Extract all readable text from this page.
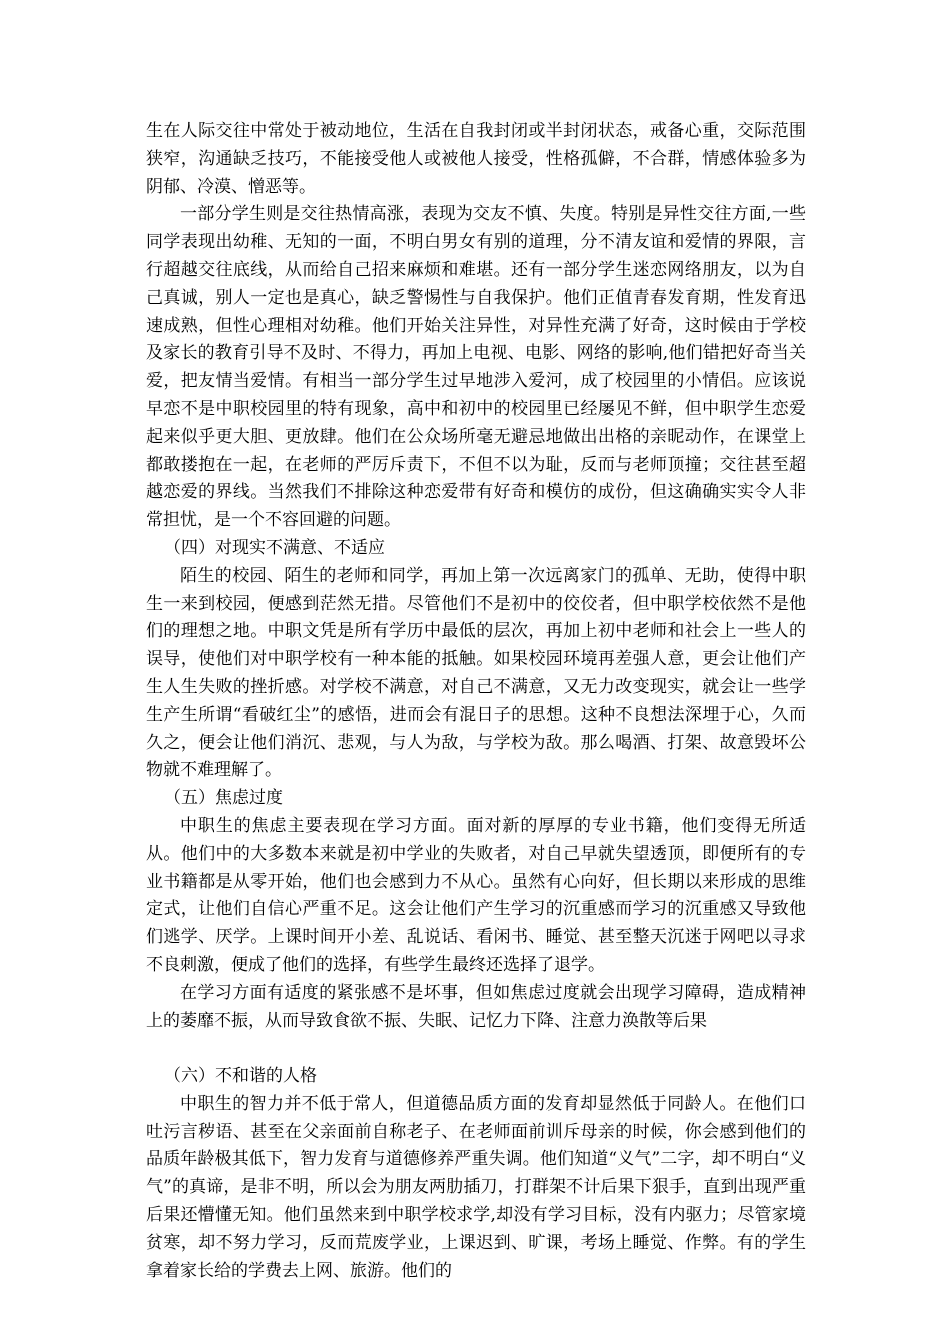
生在人际交往中常处于被动地位，生活在自我封闭或半封闭状态，戒备心重，交际范围狭窄，沟通缺乏技巧，不能接受他人或被他人接受，性格孤僻，不合群，情感体验多为阴郁、冷漠、憎恶等。

一部分学生则是交往热情高涨，表现为交友不慎、失度。特别是异性交往方面,一些同学表现出幼稚、无知的一面，不明白男女有别的道理，分不清友谊和爱情的界限，言行超越交往底线，从而给自己招来麻烦和难堪。还有一部分学生迷恋网络朋友，以为自己真诚，别人一定也是真心，缺乏警惕性与自我保护。他们正值青春发育期，性发育迅速成熟，但性心理相对幼稚。他们开始关注异性，对异性充满了好奇，这时候由于学校及家长的教育引导不及时、不得力，再加上电视、电影、网络的影响,他们错把好奇当关爱，把友情当爱情。有相当一部分学生过早地涉入爱河，成了校园里的小情侣。应该说早恋不是中职校园里的特有现象，高中和初中的校园里已经屡见不鲜，但中职学生恋爱起来似乎更大胆、更放肆。他们在公众场所毫无避忌地做出出格的亲昵动作，在课堂上都敢搂抱在一起，在老师的严厉斥责下，不但不以为耻，反而与老师顶撞；交往甚至超越恋爱的界线。当然我们不排除这种恋爱带有好奇和模仿的成份，但这确确实实令人非常担忧，是一个不容回避的问题。

（四）对现实不满意、不适应

陌生的校园、陌生的老师和同学，再加上第一次远离家门的孤单、无助，使得中职生一来到校园，便感到茫然无措。尽管他们不是初中的佼佼者，但中职学校依然不是他们的理想之地。中职文凭是所有学历中最低的层次，再加上初中老师和社会上一些人的误导，使他们对中职学校有一种本能的抵触。如果校园环境再差强人意，更会让他们产生人生失败的挫折感。对学校不满意，对自己不满意，又无力改变现实，就会让一些学生产生所谓“看破红尘”的感悟，进而会有混日子的思想。这种不良想法深埋于心，久而久之，便会让他们消沉、悲观，与人为敌，与学校为敌。那么喝酒、打架、故意毁坏公物就不难理解了。

（五）焦虑过度

中职生的焦虑主要表现在学习方面。面对新的厚厚的专业书籍，他们变得无所适从。他们中的大多数本来就是初中学业的失败者，对自己早就失望透顶，即便所有的专业书籍都是从零开始，他们也会感到力不从心。虽然有心向好，但长期以来形成的思维定式，让他们自信心严重不足。这会让他们产生学习的沉重感而学习的沉重感又导致他们逃学、厌学。上课时间开小差、乱说话、看闲书、睡觉、甚至整天沉迷于网吧以寻求不良刺激，便成了他们的选择，有些学生最终还选择了退学。

在学习方面有适度的紧张感不是坏事，但如焦虑过度就会出现学习障碍，造成精神上的萎靡不振，从而导致食欲不振、失眠、记忆力下降、注意力涣散等后果

（六）不和谐的人格

中职生的智力并不低于常人，但道德品质方面的发育却显然低于同龄人。在他们口吐污言秽语、甚至在父亲面前自称老子、在老师面前训斥母亲的时候，你会感到他们的品质年龄极其低下，智力发育与道德修养严重失调。他们知道“义气”二字，却不明白“义气”的真谛，是非不明，所以会为朋友两肋插刀，打群架不计后果下狠手，直到出现严重后果还懵懂无知。他们虽然来到中职学校求学,却没有学习目标，没有内驱力；尽管家境贫寒，却不努力学习，反而荒废学业，上课迟到、旷课，考场上睡觉、作弊。有的学生拿着家长给的学费去上网、旅游。他们的
